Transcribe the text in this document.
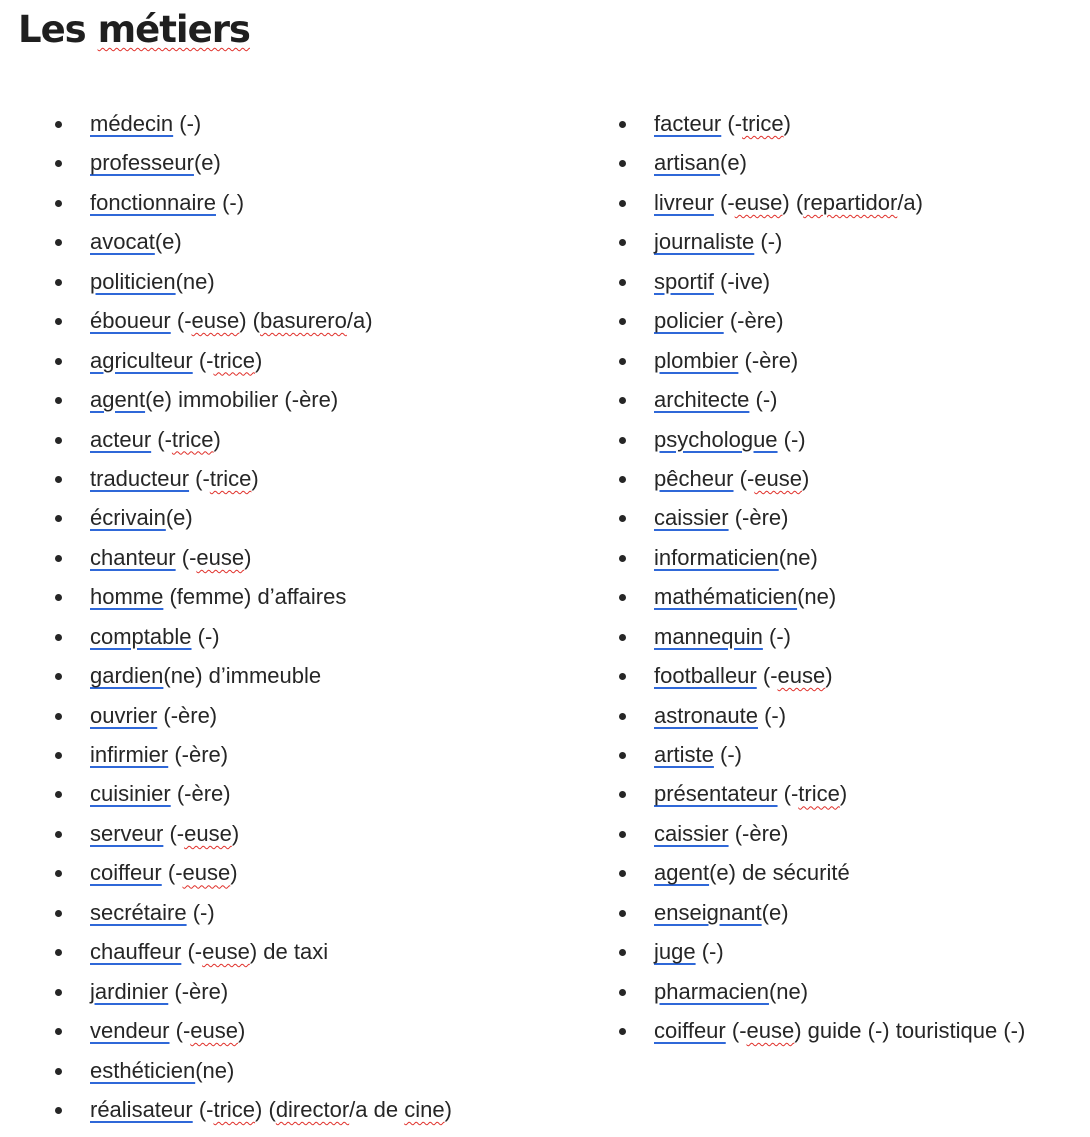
Les métiers
médecin (-)
professeur(e)
fonctionnaire (-)
avocat(e)
politicien(ne)
éboueur (-euse) (basurero/a)
agriculteur (-trice)
agent(e) immobilier (-ère)
acteur (-trice)
traducteur (-trice)
écrivain(e)
chanteur (-euse)
homme (femme) d’affaires
comptable (-)
gardien(ne) d’immeuble
ouvrier (-ère)
infirmier (-ère)
cuisinier (-ère)
serveur (-euse)
coiffeur (-euse)
secrétaire (-)
chauffeur (-euse) de taxi
jardinier (-ère)
vendeur (-euse)
esthéticien(ne)
réalisateur (-trice) (director/a de cine)
facteur (-trice)
artisan(e)
livreur (-euse) (repartidor/a)
journaliste (-)
sportif (-ive)
policier (-ère)
plombier (-ère)
architecte (-)
psychologue (-)
pêcheur (-euse)
caissier (-ère)
informaticien(ne)
mathématicien(ne)
mannequin (-)
footballeur (-euse)
astronaute (-)
artiste (-)
présentateur (-trice)
caissier (-ère)
agent(e) de sécurité
enseignant(e)
juge (-)
pharmacien(ne)
coiffeur (-euse) guide (-) touristique (-)
